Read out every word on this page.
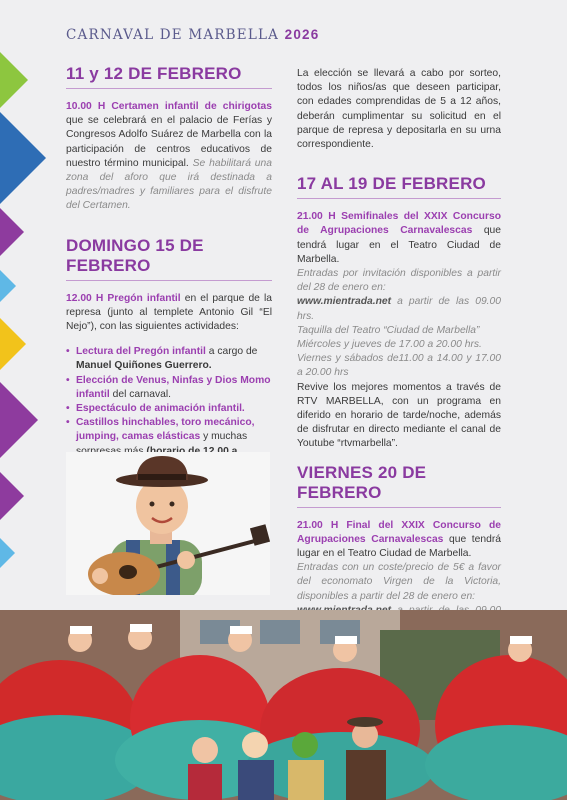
CARNAVAL DE MARBELLA 2026
11 y 12 DE FEBRERO

10.00 H Certamen infantil de chirigotas que se celebrará en el palacio de Ferías y Congresos Adolfo Suárez de Marbella con la participación de centros educativos de nuestro término municipal. Se habilitará una zona del aforo que irá destinada a padres/madres y familiares para el disfrute del Certamen.

DOMINGO 15 DE FEBRERO

12.00 H Pregón infantil en el parque de la represa (junto al templete Antonio Gil “El Nejo”), con las siguientes actividades:

• Lectura del Pregón infantil a cargo de Manuel Quiñones Guerrero.
• Elección de Venus, Ninfas y Dios Momo infantil del carnaval.
• Espectáculo de animación infantil.
• Castillos hinchables, toro mecánico, jumping, camas elásticas y muchas

La elección se llevará a cabo por sorteo, todos los niños/as que deseen participar, con edades comprendidas de 5 a 12 años, deberán cumplimentar su solicitud en el parque de represa y depositarla en su urna correspondiente.

17 AL 19 DE FEBRERO

21.00 H Semifinales del XXIX Concurso de Agrupaciones Carnavalescas que tendrá lugar en el Teatro Ciudad de Marbella.

Entradas por invitación disponibles a partir del 28 de enero en:

www.mientrada.net a partir de las 09.00 hrs.

Taquilla del Teatro “Ciudad de Marbella”

Miércoles y jueves de 17.00 a 20.00 hrs.

Viernes y sábados de11.00 a 14.00 y 17.00 a 20.00 hrs

Revive los mejores momentos a través de RTV MARBELLA, con un programa en diferido en horario de tarde/noche, además de disfrutar en directo mediante el canal de Youtube “rtvmarbella”.

VIERNES 20 DE FEBRERO

21.00 H Final del XXIX Concurso de Agrupaciones Carnavalescas que tendrá lugar en el Teatro Ciudad de Marbella.

Entradas con un coste/precio de 5€ a favor del economato Virgen de la Victoria, disponibles a partir del 28 de enero en:
